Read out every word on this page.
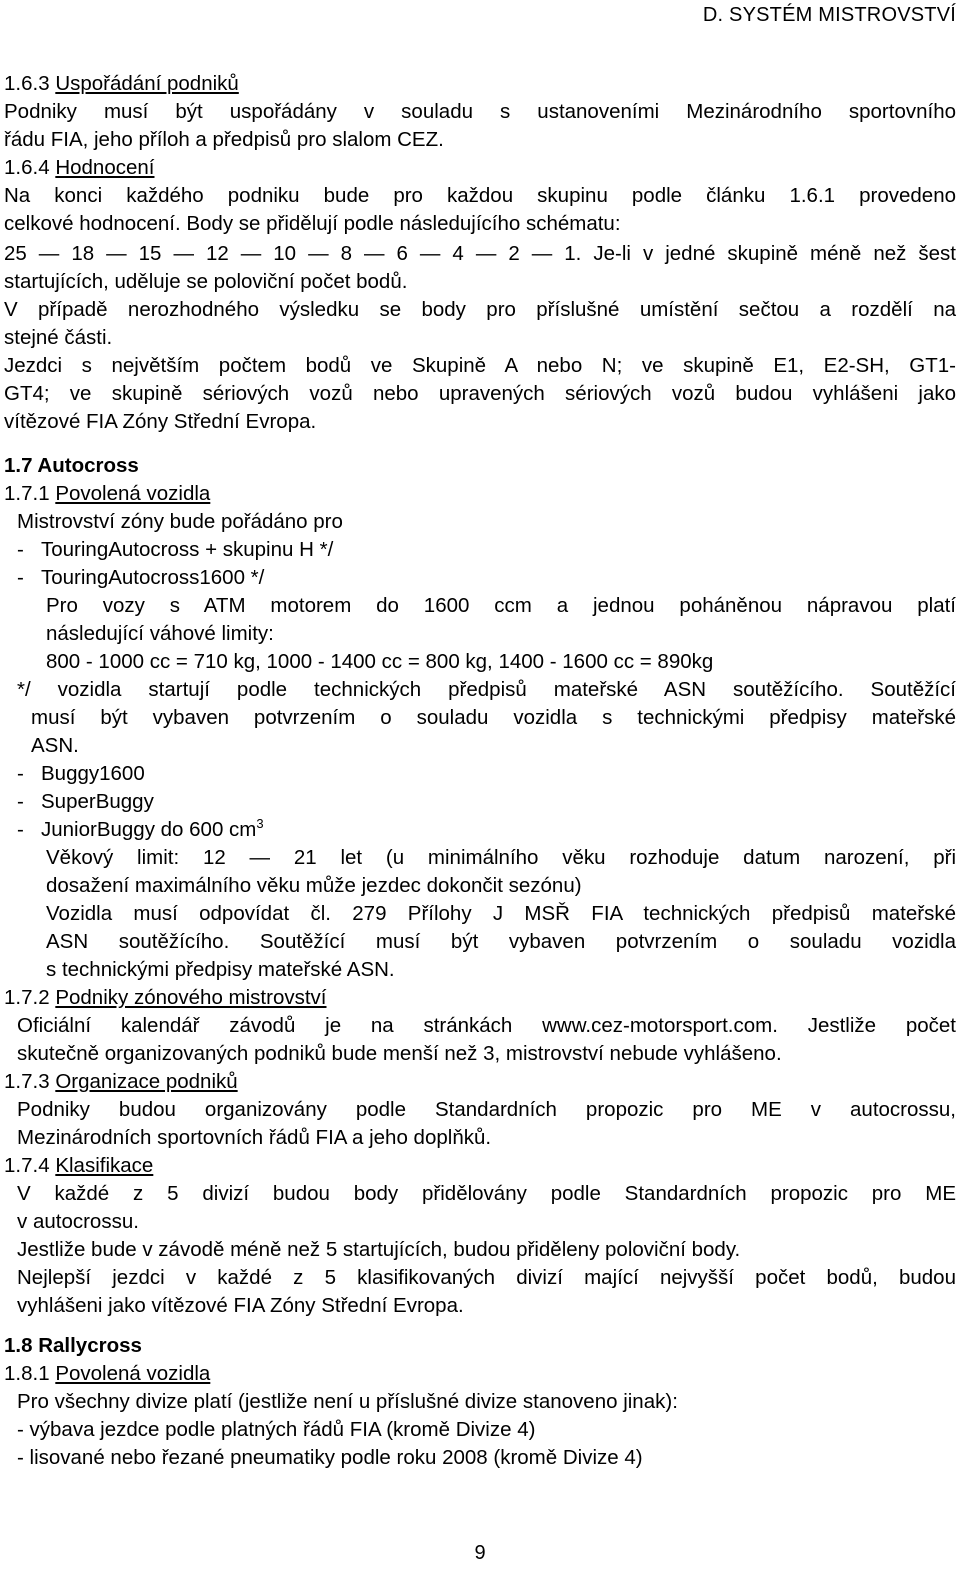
D. SYSTÉM MISTROVSTVÍ
1.6.3 Uspořádání podniků
Podniky musí být uspořádány v souladu s ustanoveními Mezinárodního sportovního
řádu FIA, jeho příloh a předpisů pro slalom CEZ.
1.6.4 Hodnocení
Na konci každého podniku bude pro každou skupinu podle článku 1.6.1 provedeno
celkové hodnocení. Body se přidělují podle následujícího schématu:
25 — 18 — 15 — 12 — 10 — 8 — 6 — 4 — 2 — 1. Je-li v jedné skupině méně než šest
startujících, uděluje se poloviční počet bodů.
V případě nerozhodného výsledku se body pro příslušné umístění sečtou a rozdělí na
stejné části.
Jezdci s největším počtem bodů ve Skupině A nebo N; ve skupině E1, E2-SH, GT1-
GT4; ve skupině sériových vozů nebo upravených sériových vozů budou vyhlášeni jako
vítězové FIA Zóny Střední Evropa.
1.7 Autocross
1.7.1 Povolená vozidla
Mistrovství zóny bude pořádáno pro
- TouringAutocross + skupinu H */
- TouringAutocross1600 */
Pro vozy s ATM motorem do 1600 ccm a jednou poháněnou nápravou platí
následující váhové limity:
800 - 1000 cc = 710 kg, 1000 - 1400 cc = 800 kg, 1400 - 1600 cc = 890kg
*/ vozidla startují podle technických předpisů mateřské ASN soutěžícího. Soutěžící
musí být vybaven potvrzením o souladu vozidla s technickými předpisy mateřské
ASN.
- Buggy1600
- SuperBuggy
- JuniorBuggy do 600 $cm^3$
Věkový limit: 12 — 21 let (u minimálního věku rozhoduje datum narození, při
dosažení maximálního věku může jezdec dokončit sezónu)
Vozidla musí odpovídat čl. 279 Přílohy J MSŘ FIA technických předpisů mateřské
ASN soutěžícího. Soutěžící musí být vybaven potvrzením o souladu vozidla
s technickými předpisy mateřské ASN.
1.7.2 Podniky zónového mistrovství
Oficiální kalendář závodů je na stránkách www.cez-motorsport.com. Jestliže počet
skutečně organizovaných podniků bude menší než 3, mistrovství nebude vyhlášeno.
1.7.3 Organizace podniků
Podniky budou organizovány podle Standardních propozic pro ME v autocrossu,
Mezinárodních sportovních řádů FIA a jeho doplňků.
1.7.4 Klasifikace
V každé z 5 divizí budou body přidělovány podle Standardních propozic pro ME
v autocrossu.
Jestliže bude v závodě méně než 5 startujících, budou přiděleny poloviční body.
Nejlepší jezdci v každé z 5 klasifikovaných divizí mající nejvyšší počet bodů, budou
vyhlášeni jako vítězové FIA Zóny Střední Evropa.
1.8 Rallycross
1.8.1 Povolená vozidla
Pro všechny divize platí (jestliže není u příslušné divize stanoveno jinak):
- výbava jezdce podle platných řádů FIA (kromě Divize 4)
- lisované nebo řezané pneumatiky podle roku 2008 (kromě Divize 4)
9
